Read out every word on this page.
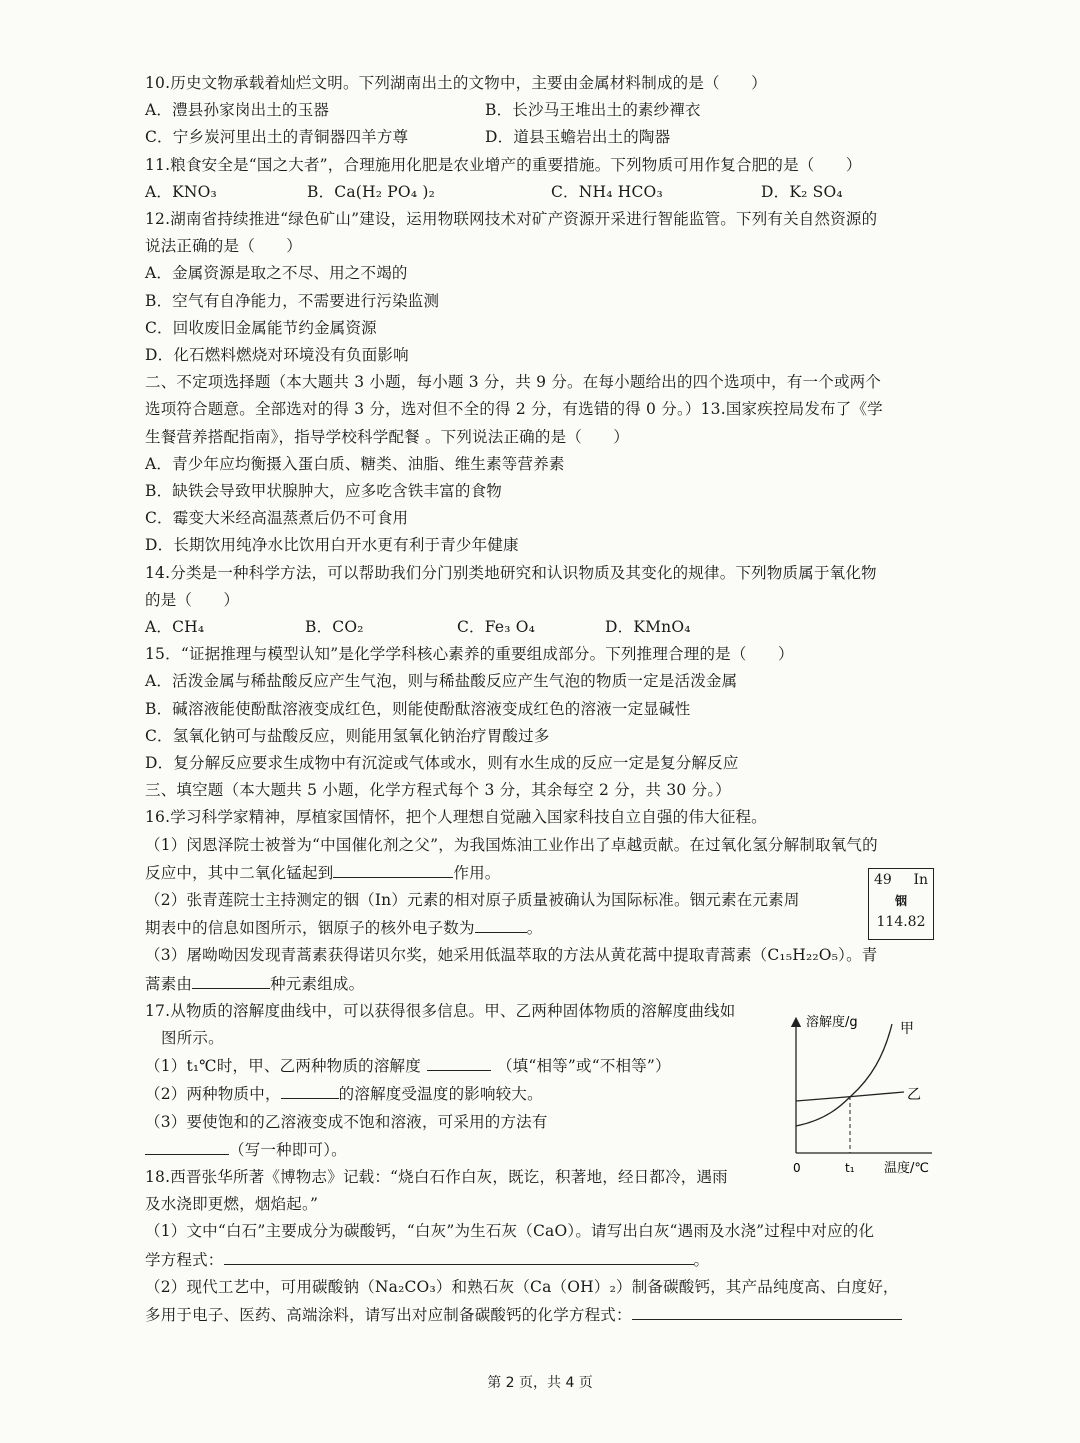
10.历史文物承载着灿烂文明。下列湖南出土的文物中，主要由金属材料制成的是（　　）
A．澧县孙家岗出土的玉器	B．长沙马王堆出土的素纱襌衣
C．宁乡炭河里出土的青铜器四羊方尊	D．道县玉蟾岩出土的陶器
11.粮食安全是“国之大者”，合理施用化肥是农业增产的重要措施。下列物质可用作复合肥的是（　　）
A．KNO₃	B．Ca(H₂ PO₄ )₂	C．NH₄ HCO₃	D．K₂ SO₄
12.湖南省持续推进“绿色矿山”建设，运用物联网技术对矿产资源开采进行智能监管。下列有关自然资源的
说法正确的是（　　）
A．金属资源是取之不尽、用之不竭的
B．空气有自净能力，不需要进行污染监测
C．回收废旧金属能节约金属资源
D．化石燃料燃烧对环境没有负面影响
二、不定项选择题（本大题共 3 小题，每小题 3 分，共 9 分。在每小题给出的四个选项中，有一个或两个
选项符合题意。全部选对的得 3 分，选对但不全的得 2 分，有选错的得 0 分。）13.国家疾控局发布了《学
生餐营养搭配指南》，指导学校科学配餐 。下列说法正确的是（　　）
A．青少年应均衡摄入蛋白质、糖类、油脂、维生素等营养素
B．缺铁会导致甲状腺肿大，应多吃含铁丰富的食物
C．霉变大米经高温蒸煮后仍不可食用
D．长期饮用纯净水比饮用白开水更有利于青少年健康
14.分类是一种科学方法，可以帮助我们分门别类地研究和认识物质及其变化的规律。下列物质属于氧化物
的是（　　）
A．CH₄	B．CO₂	C．Fe₃ O₄	D．KMnO₄
15．“证据推理与模型认知”是化学学科核心素养的重要组成部分。下列推理合理的是（　　）
A．活泼金属与稀盐酸反应产生气泡，则与稀盐酸反应产生气泡的物质一定是活泼金属
B．碱溶液能使酚酞溶液变成红色，则能使酚酞溶液变成红色的溶液一定显碱性
C．氢氧化钠可与盐酸反应，则能用氢氧化钠治疗胃酸过多
D．复分解反应要求生成物中有沉淀或气体或水，则有水生成的反应一定是复分解反应
三、填空题（本大题共 5 小题，化学方程式每个 3 分，其余每空 2 分，共 30 分。）
16.学习科学家精神，厚植家国情怀，把个人理想自觉融入国家科技自立自强的伟大征程。
（1）闵恩泽院士被誉为“中国催化剂之父”，为我国炼油工业作出了卓越贡献。在过氧化氢分解制取氧气的
反应中，其中二氧化锰起到	作用。
（2）张青莲院士主持测定的铟（In）元素的相对原子质量被确认为国际标准。铟元素在元素周
期表中的信息如图所示，铟原子的核外电子数为	。
（3）屠呦呦因发现青蒿素获得诺贝尔奖，她采用低温萃取的方法从黄花蒿中提取青蒿素（C₁₅H₂₂O₅）。青
蒿素由	种元素组成。
17.从物质的溶解度曲线中，可以获得很多信息。甲、乙两种固体物质的溶解度曲线如
图所示。
（1）t₁℃时，甲、乙两种物质的溶解度	（填“相等”或“不相等”）
（2）两种物质中，	的溶解度受温度的影响较大。
（3）要使饱和的乙溶液变成不饱和溶液，可采用的方法有
（写一种即可）。
18.西晋张华所著《博物志》记载：“烧白石作白灰，既讫，积著地，经日都冷，遇雨
及水浇即更燃，烟焰起。”
（1）文中“白石”主要成分为碳酸钙，“白灰”为生石灰（CaO）。请写出白灰“遇雨及水浇”过程中对应的化
学方程式：	。
（2）现代工艺中，可用碳酸钠（Na₂CO₃）和熟石灰（Ca（OH）₂）制备碳酸钙，其产品纯度高、白度好，
多用于电子、医药、高端涂料，请写出对应制备碳酸钙的化学方程式：
49 In
铟
114.82
溶解度/g	甲
乙
0	t₁ 温度/℃
第 2 页，共 4 页
